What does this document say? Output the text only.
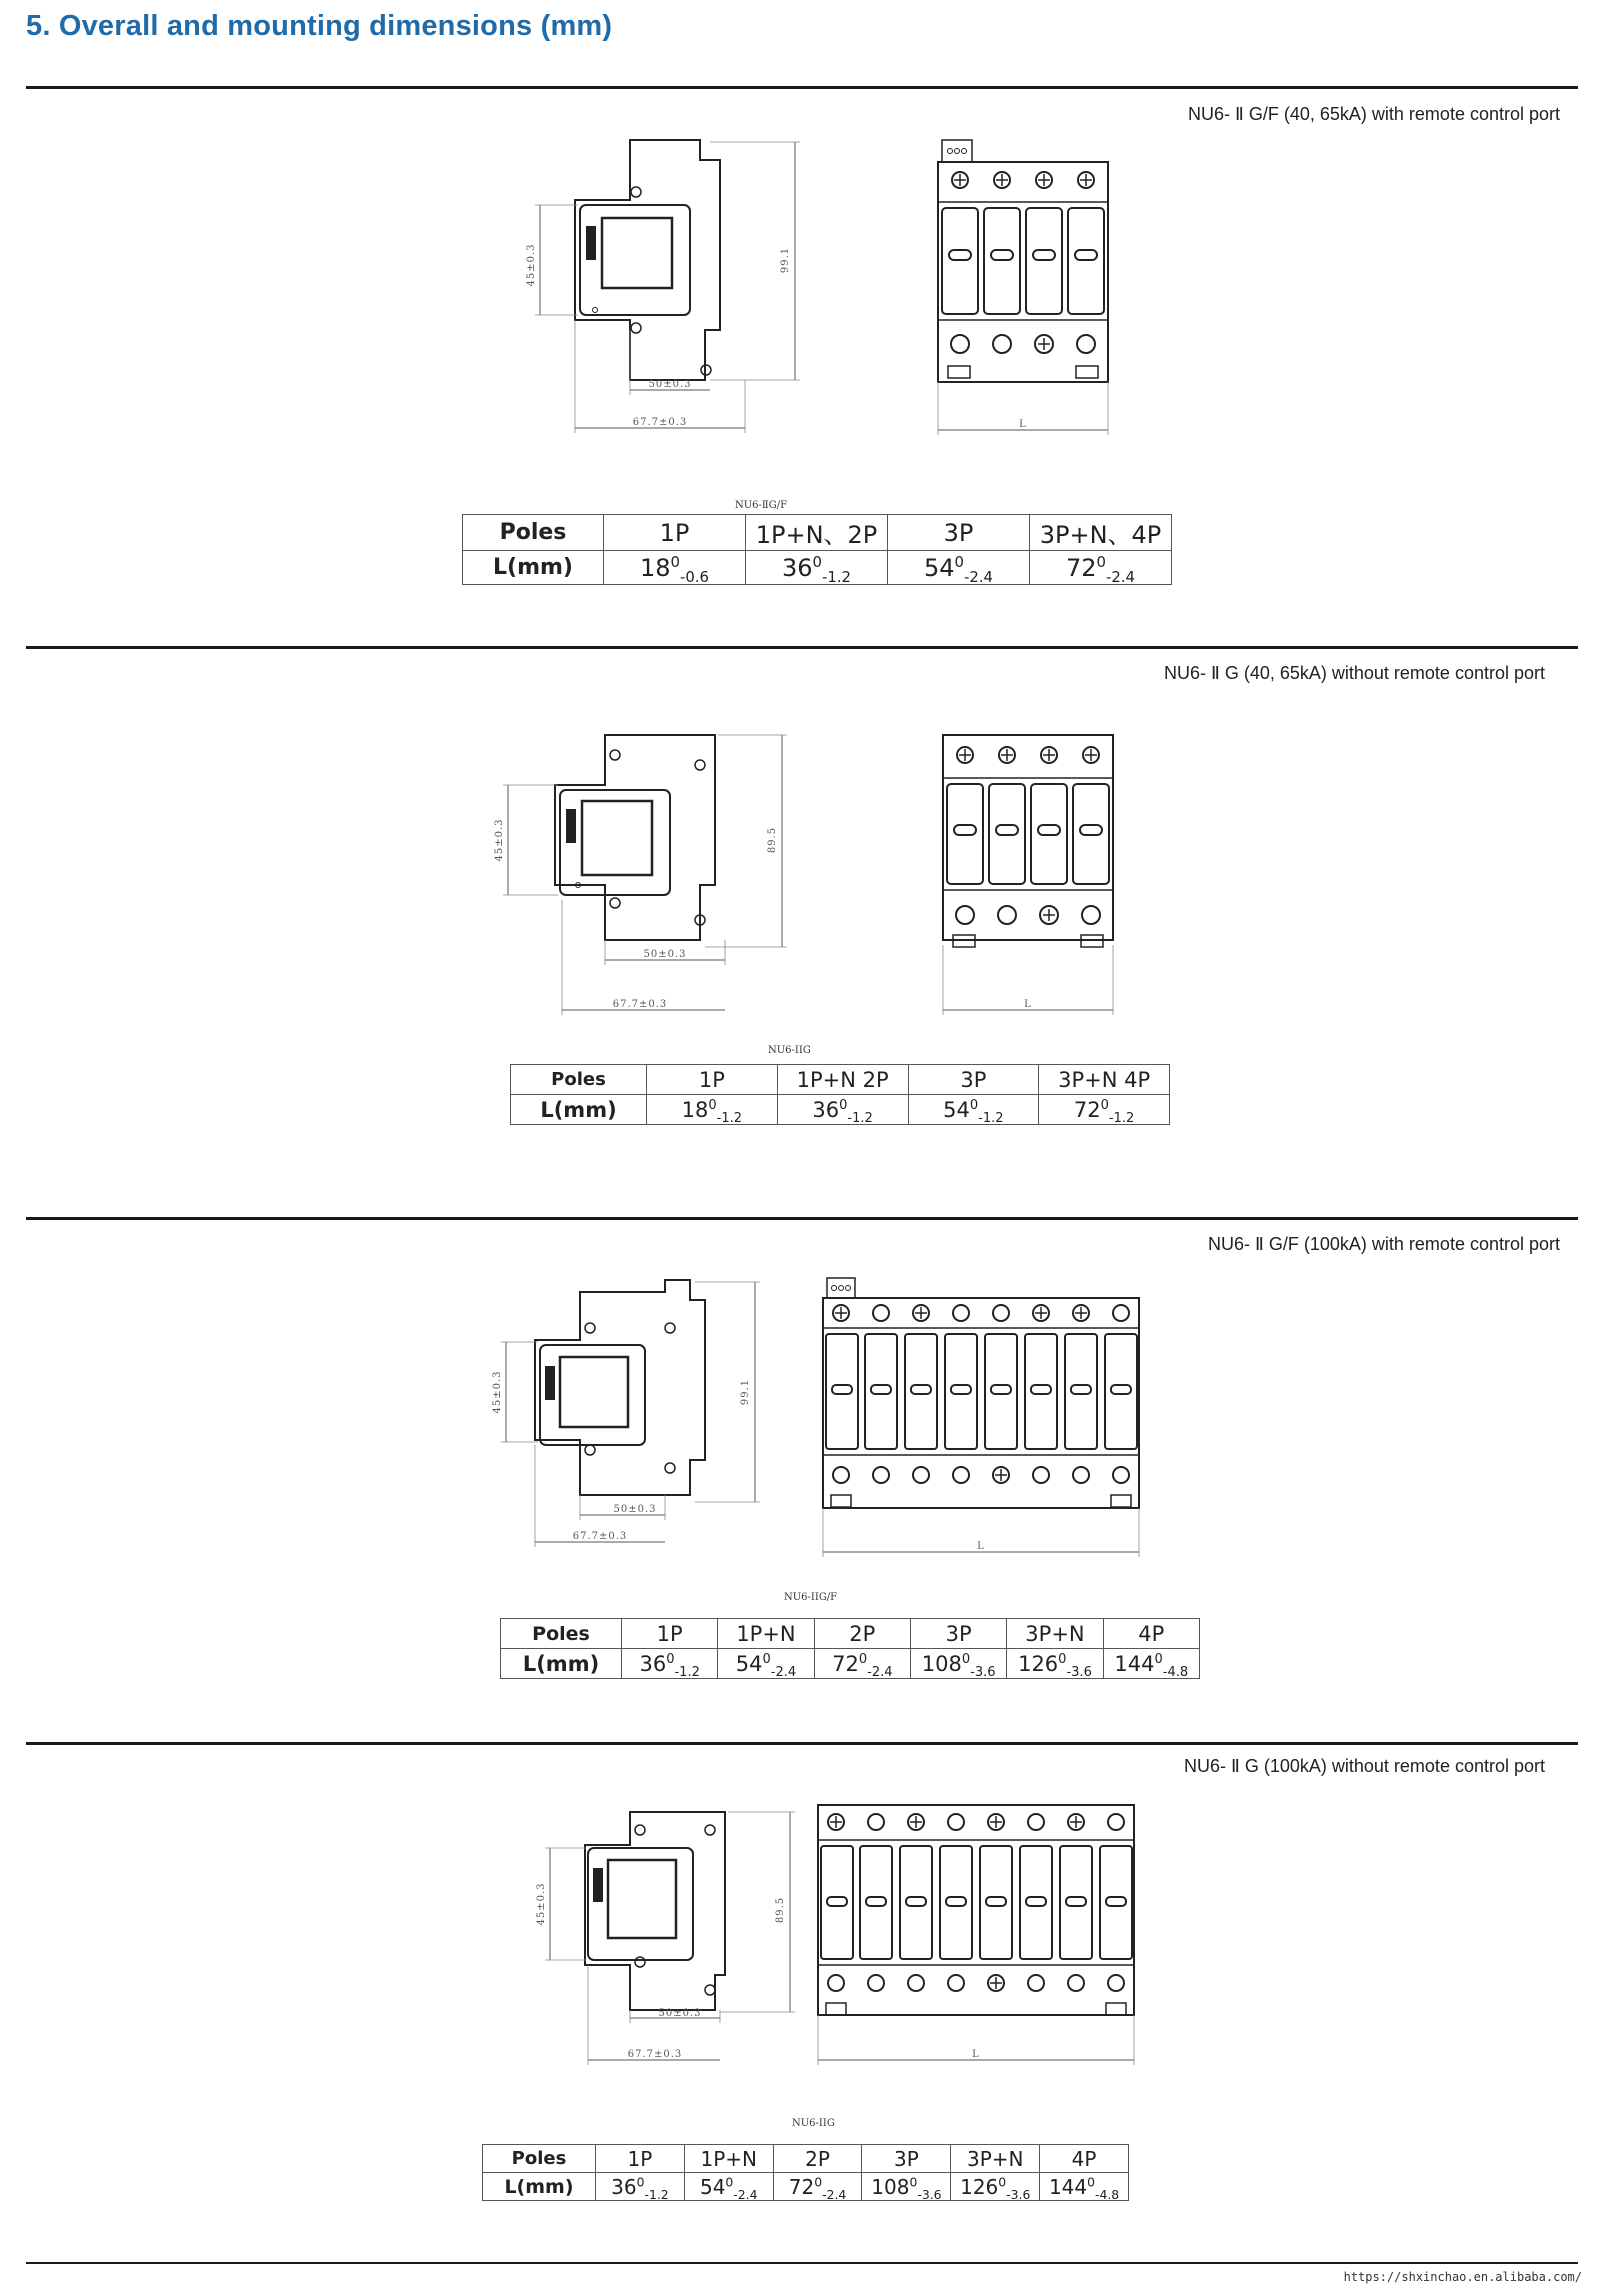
5. Overall and mounting dimensions (mm)
NU6- Ⅱ G/F (40, 65kA) with remote control port
45±0.3	99.1
50±0.3
67.7±0.3	L
NU6-ⅡG/F
Poles	1P	1P+N、2P	3P	3P+N、4P
L(mm)	$18^0_{-0.6}$	$36^0_{-1.2}$	$54^0_{-2.4}$	$72^0_{-2.4}$
NU6- Ⅱ G (40, 65kA) without remote control port
45±0.3	89.5
50±0.3
67.7±0.3	L
NU6-IIG
Poles	1P	1P+N 2P	3P	3P+N 4P
L(mm)	$18^0_{-1.2}$	$36^0_{-1.2}$	$54^0_{-1.2}$	$72^0_{-1.2}$
NU6- Ⅱ G/F (100kA) with remote control port
45±0.3	99.1
50±0.3
67.7±0.3
L
NU6-IIG/F
Poles	1P	1P+N	2P	3P	3P+N	4P
L(mm)	$36^0_{-1.2}$	$54^0_{-2.4}$	$72^0_{-2.4}$	$108^0_{-3.6}$	$126^0_{-3.6}$	$144^0_{-4.8}$
NU6- Ⅱ G (100kA) without remote control port
45±0.3	89.5
50±0.3
67.7±0.3	L
NU6-IIG
Poles	1P	1P+N	2P	3P	3P+N	4P
L(mm)	$36^0_{-1.2}$	$54^0_{-2.4}$	$72^0_{-2.4}$	$108^0_{-3.6}$	$126^0_{-3.6}$	$144^0_{-4.8}$
https://shxinchao.en.alibaba.com/
